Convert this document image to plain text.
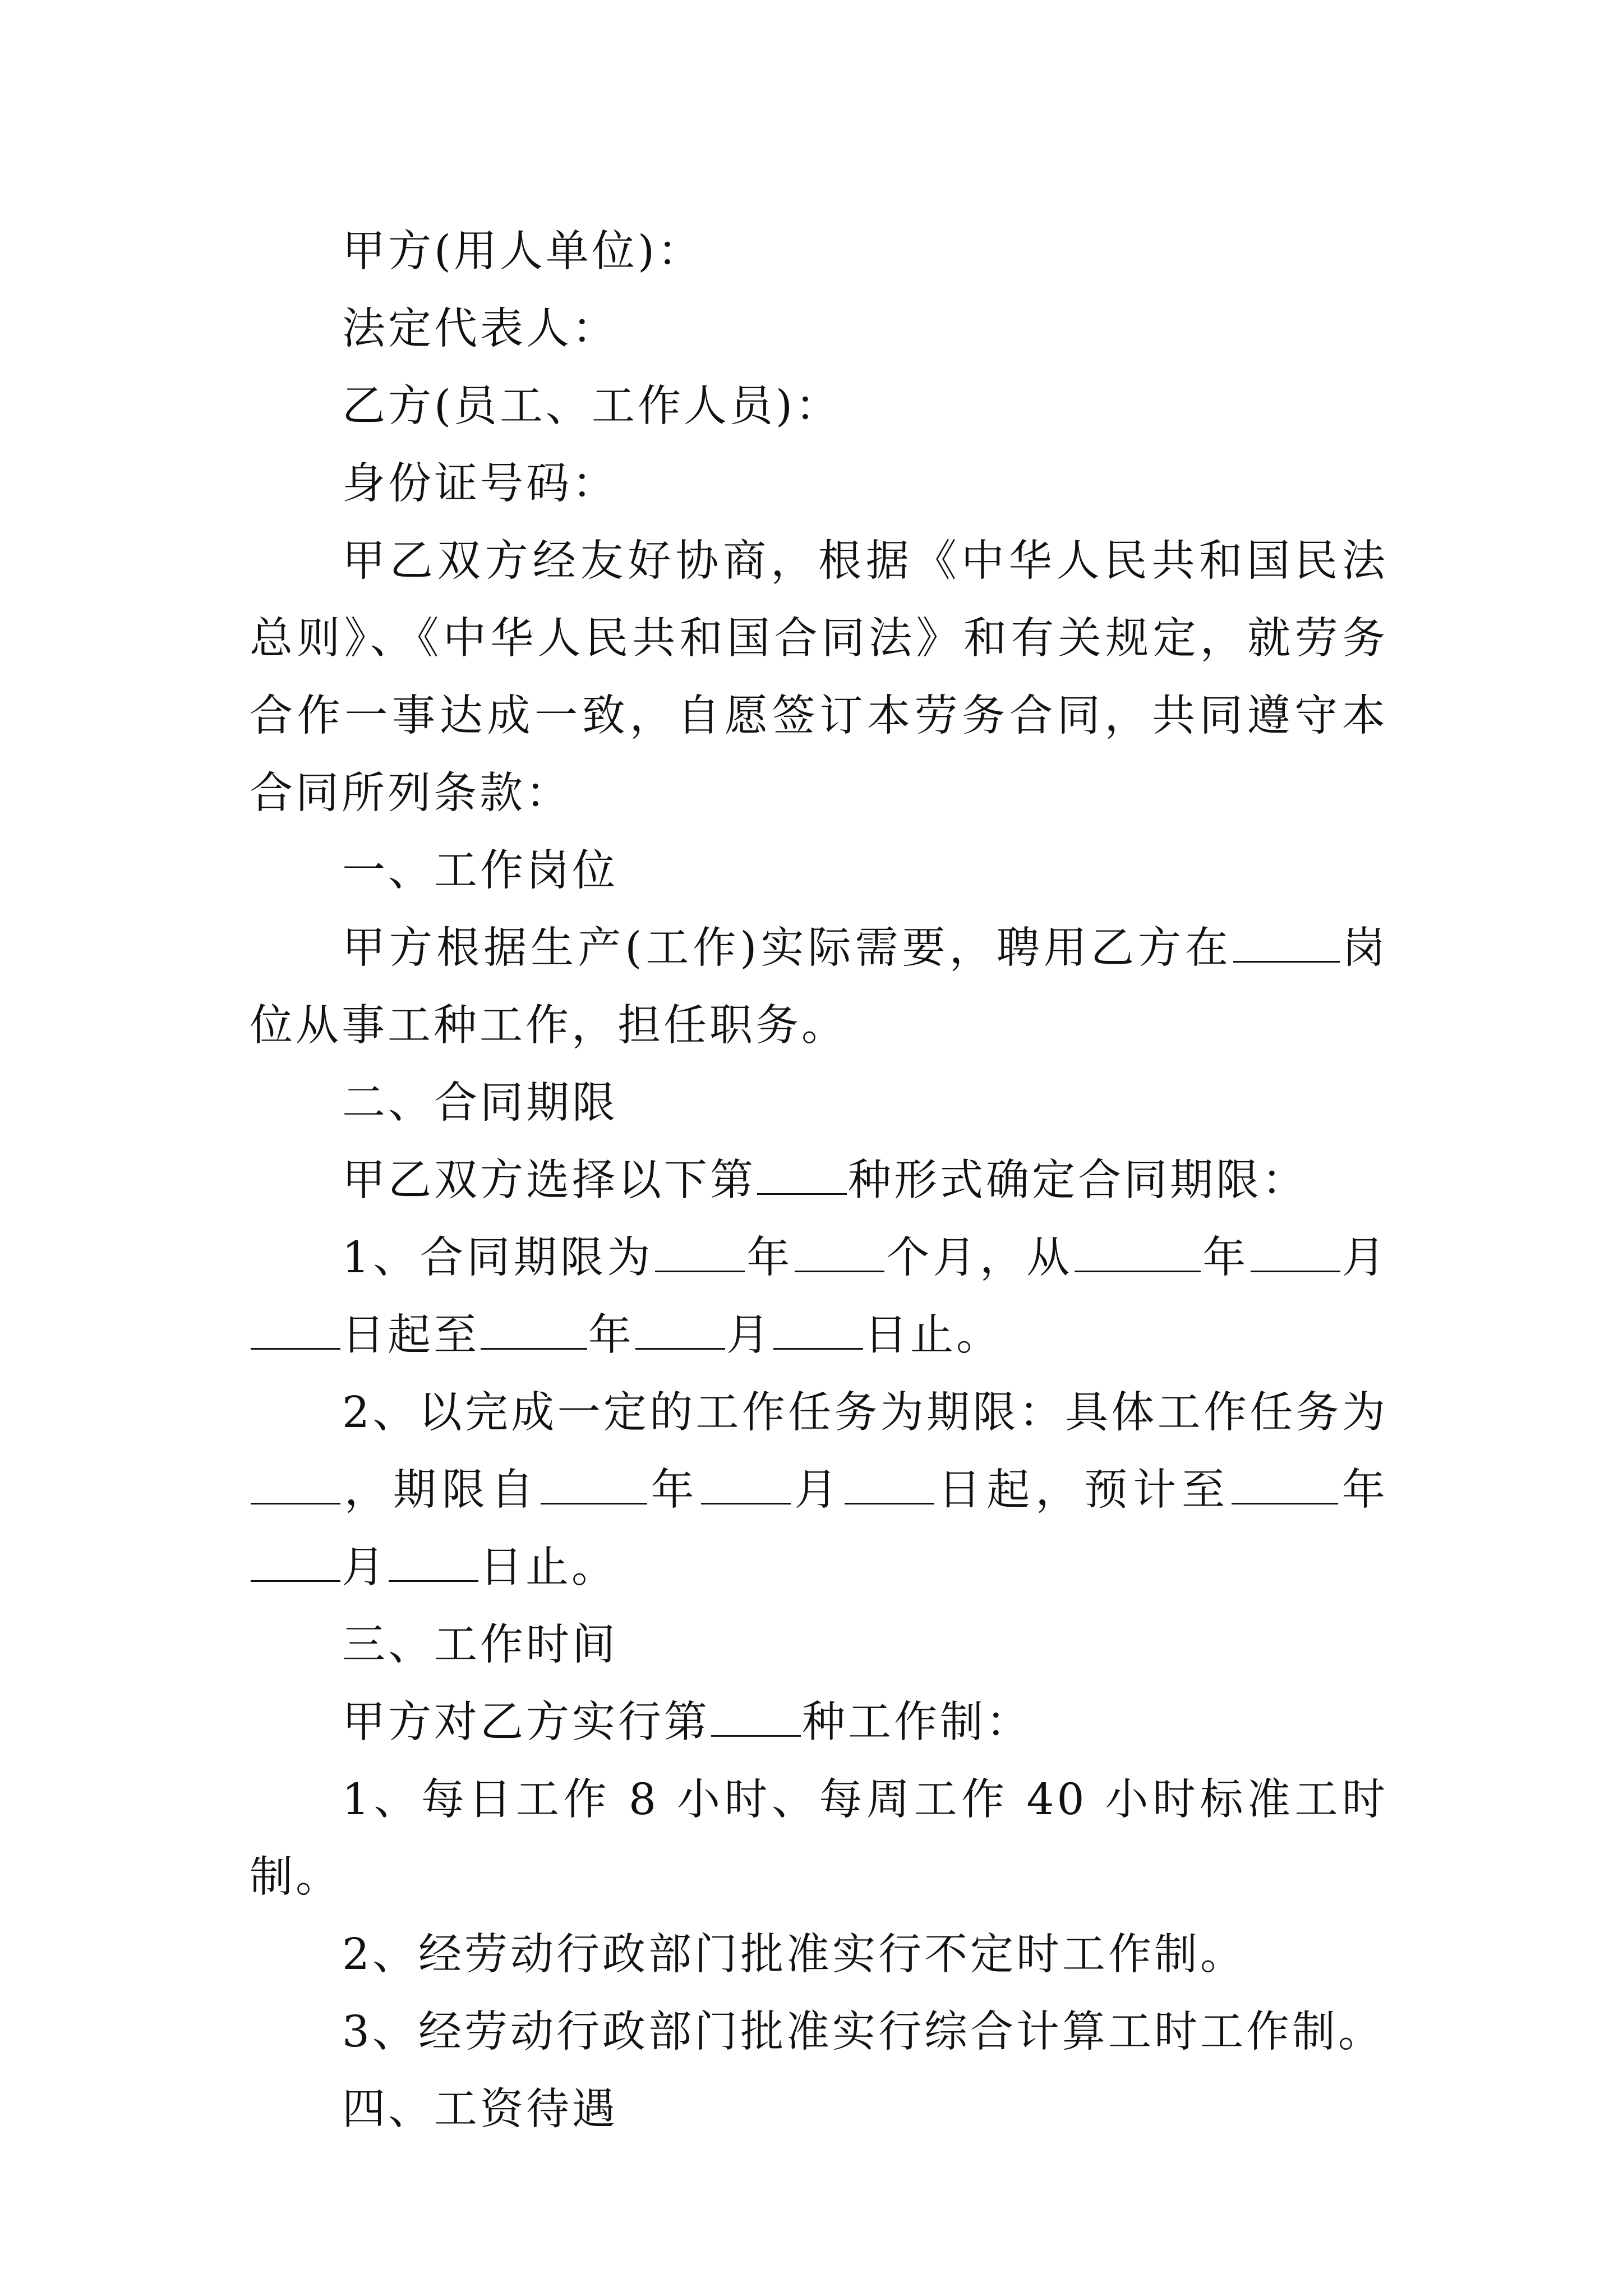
甲方(用人单位)：

法定代表人：

乙方(员工、工作人员)：

身份证号码：

甲乙双方经友好协商，根据《中华人民共和国民法总则》、《中华人民共和国合同法》和有关规定，就劳务合作一事达成一致，自愿签订本劳务合同，共同遵守本合同所列条款：

一、工作岗位

甲方根据生产(工作)实际需要，聘用乙方在	岗位从事工种工作，担任职务。

二、合同期限

甲乙双方选择以下第 种形式确定合同期限：

1、合同期限为 年 个月，从	年 月日起至	年 月 日止。

2、以完成一定的工作任务为期限：具体工作任务为，期限自	年 月 日起，预计至	年月 日止。

三、工作时间

甲方对乙方实行第 种工作制：

1、每日工作 8 小时、每周工作 40 小时标准工时制。

2、经劳动行政部门批准实行不定时工作制。

3、经劳动行政部门批准实行综合计算工时工作制。

四、工资待遇
